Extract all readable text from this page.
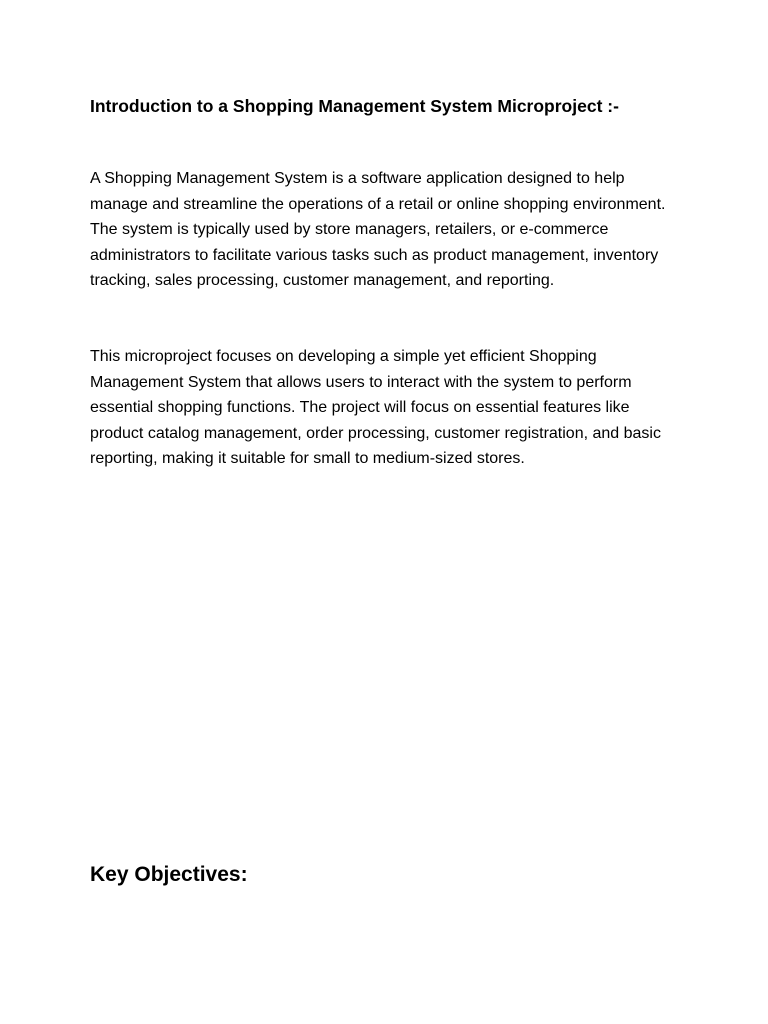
Introduction to a Shopping Management System Microproject :-

A Shopping Management System is a software application designed to help
manage and streamline the operations of a retail or online shopping environment.
The system is typically used by store managers, retailers, or e-commerce
administrators to facilitate various tasks such as product management, inventory
tracking, sales processing, customer management, and reporting.

This microproject focuses on developing a simple yet efficient Shopping
Management System that allows users to interact with the system to perform
essential shopping functions. The project will focus on essential features like
product catalog management, order processing, customer registration, and basic
reporting, making it suitable for small to medium-sized stores.

Key Objectives:
